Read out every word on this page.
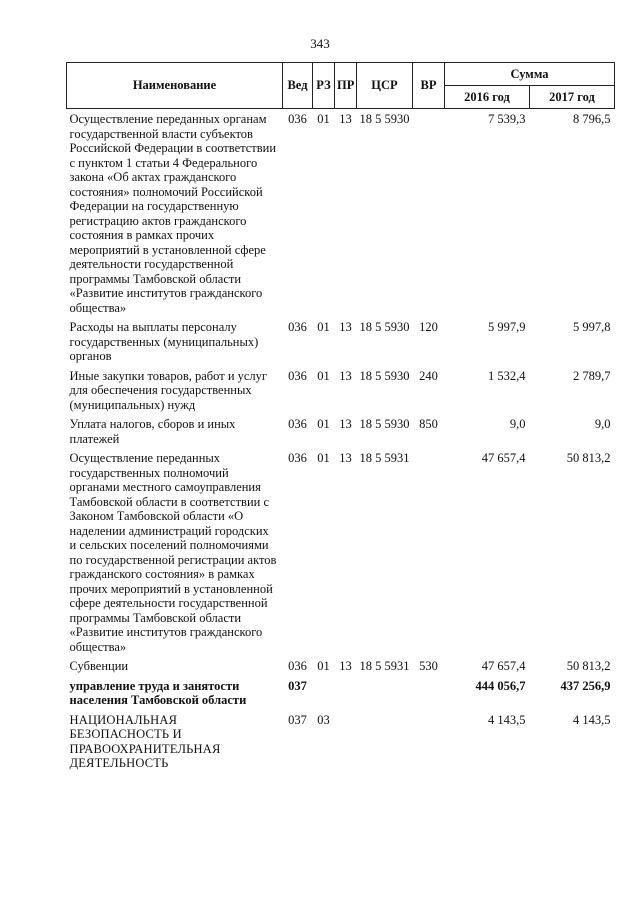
343
Наименование	Вед	РЗ	ПР	ЦСР	ВР	Сумма	
						2016 год	2017 год
Осуществление переданных органам государственной власти субъектов Российской Федерации в соответствии с пунктом 1 статьи 4 Федерального закона «Об актах гражданского состояния» полномочий Российской Федерации на государственную регистрацию актов гражданского состояния в рамках прочих мероприятий в установленной сфере деятельности государственной программы Тамбовской области «Развитие институтов гражданского общества»	036	01	13	18 5 5930		7 539,3	8 796,5
Расходы на выплаты персоналу государственных (муниципальных) органов	036	01	13	18 5 5930	120	5 997,9	5 997,8
Иные закупки товаров, работ и услуг для обеспечения государственных (муниципальных) нужд	036	01	13	18 5 5930	240	1 532,4	2 789,7
Уплата налогов, сборов и иных платежей	036	01	13	18 5 5930	850	9,0	9,0
Осуществление переданных государственных полномочий органами местного самоуправления Тамбовской области в соответствии с Законом Тамбовской области «О наделении администраций городских и сельских поселений полномочиями по государственной регистрации актов гражданского состояния» в рамках прочих мероприятий в установленной сфере деятельности государственной программы Тамбовской области «Развитие институтов гражданского общества»	036	01	13	18 5 5931		47 657,4	50 813,2
Субвенции	036	01	13	18 5 5931	530	47 657,4	50 813,2
управление труда и занятости населения Тамбовской области	037					444 056,7	437 256,9
НАЦИОНАЛЬНАЯ БЕЗОПАСНОСТЬ И ПРАВООХРАНИТЕЛЬНАЯ ДЕЯТЕЛЬНОСТЬ	037	03				4 143,5	4 143,5
